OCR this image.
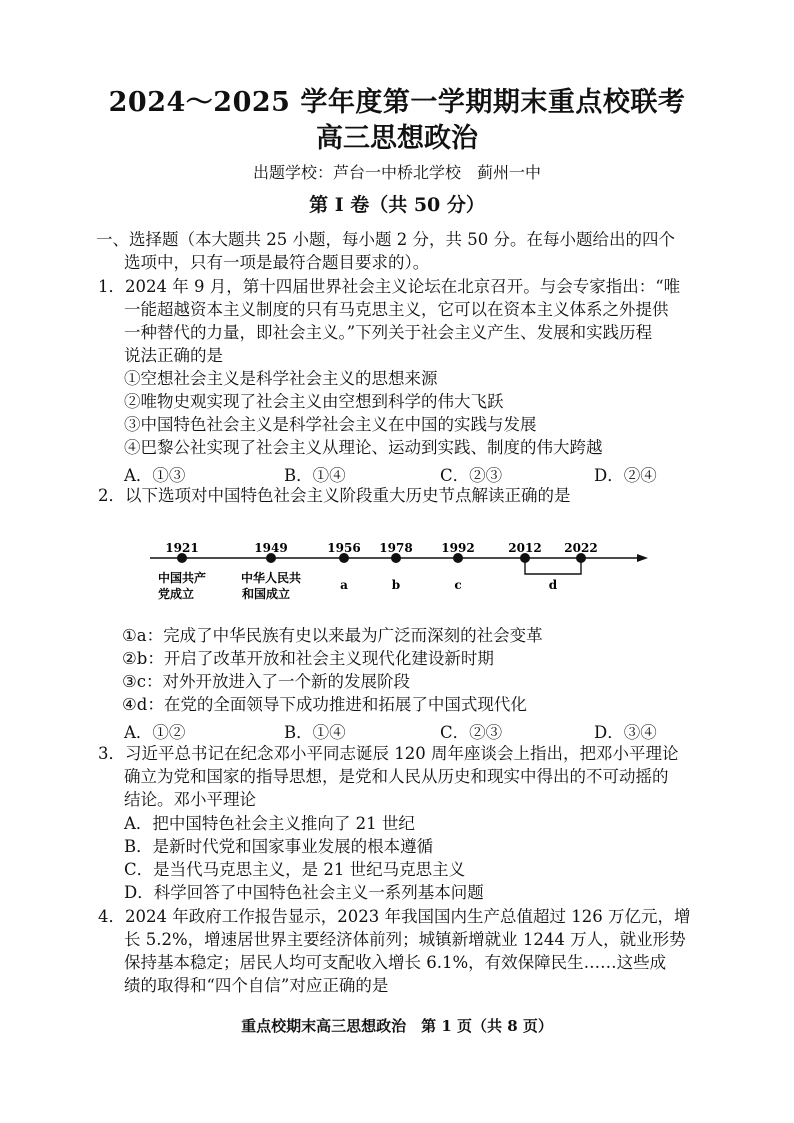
2024～2025 学年度第一学期期末重点校联考
高三思想政治
出题学校：芦台一中桥北学校　蓟州一中
第 Ⅰ 卷（共 50 分）
一、选择题（本大题共 25 小题，每小题 2 分，共 50 分。在每小题给出的四个
选项中，只有一项是最符合题目要求的）。
1．2024 年 9 月，第十四届世界社会主义论坛在北京召开。与会专家指出：“唯
一能超越资本主义制度的只有马克思主义，它可以在资本主义体系之外提供
一种替代的力量，即社会主义。”下列关于社会主义产生、发展和实践历程
说法正确的是
①空想社会主义是科学社会主义的思想来源
②唯物史观实现了社会主义由空想到科学的伟大飞跃
③中国特色社会主义是科学社会主义在中国的实践与发展
④巴黎公社实现了社会主义从理论、运动到实践、制度的伟大跨越
A．①③	B．①④	C．②③	D．②④
2．以下选项对中国特色社会主义阶段重大历史节点解读正确的是
1921	1949	1956 1978 1992	2012 2022
中国共产
党成立
中华人民共
和国成立
a	b	c	d
①a：完成了中华民族有史以来最为广泛而深刻的社会变革
②b：开启了改革开放和社会主义现代化建设新时期
③c：对外开放进入了一个新的发展阶段
④d：在党的全面领导下成功推进和拓展了中国式现代化
A．①②	B．①④	C．②③	D．③④
3．习近平总书记在纪念邓小平同志诞辰 120 周年座谈会上指出，把邓小平理论
确立为党和国家的指导思想，是党和人民从历史和现实中得出的不可动摇的
结论。邓小平理论
A．把中国特色社会主义推向了 21 世纪
B．是新时代党和国家事业发展的根本遵循
C．是当代马克思主义，是 21 世纪马克思主义
D．科学回答了中国特色社会主义一系列基本问题
4．2024 年政府工作报告显示，2023 年我国国内生产总值超过 126 万亿元，增
长 5.2%，增速居世界主要经济体前列；城镇新增就业 1244 万人，就业形势
保持基本稳定；居民人均可支配收入增长 6.1%，有效保障民生……这些成
绩的取得和“四个自信”对应正确的是
重点校期末高三思想政治　第 1 页（共 8 页）
